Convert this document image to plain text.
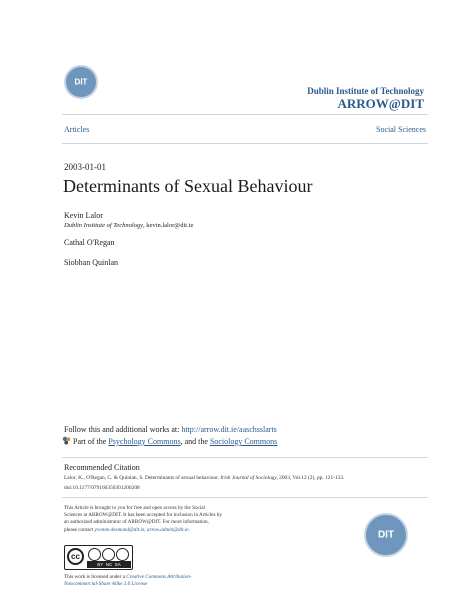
DIT
Dublin Institute of Technology
ARROW@DIT
Articles	Social Sciences
2003-01-01
Determinants of Sexual Behaviour
Kevin Lalor
Dublin Institute of Technology, kevin.lalor@dit.ie
Cathal O'Regan
Siobhan Quinlan
Follow this and additional works at: http://arrow.dit.ie/aaschsslarts
Part of the Psychology Commons, and the Sociology Commons
Recommended Citation
Lalor, K., O'Regan, C. & Quinlan, S. Determinants of sexual behaviour. Irish Journal of Sociology, 2003, Vol.12 (2), pp. 121-133.
doi:10.1177/079160350301200208
This Article is brought to you for free and open access by the Social
Sciences at ARROW@DIT. It has been accepted for inclusion in Articles by
an authorized administrator of ARROW@DIT. For more information,
please contact yvonne.desmond@dit.ie, arrow.admin@dit.ie.	DIT
cc
BY  NC  SA
This work is licensed under a Creative Commons Attribution-
Noncommercial-Share Alike 3.0 License
